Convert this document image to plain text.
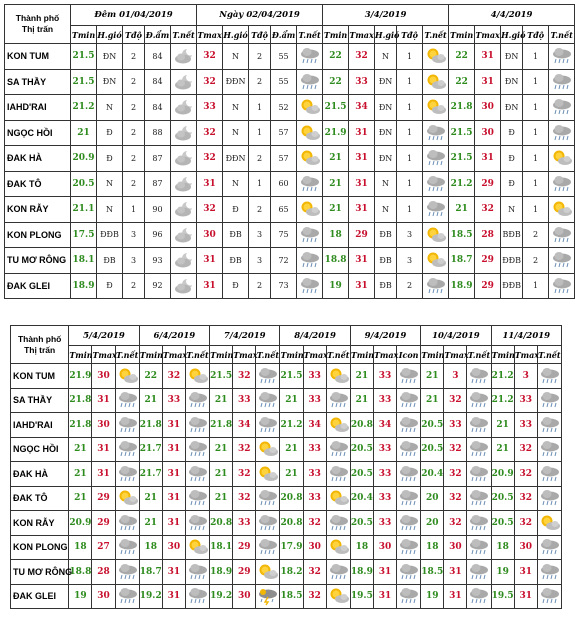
Thành phố
Thị trấn	Đêm 01/04/2019					Ngày 02/04/2019					3/4/2019					4/4/2019				
	Tmin	H.gió	Tđộ	Đ.ẩm	T.nết	Tmax	H.gió	Tđộ	Đ.ẩm	T.nết	Tmin	Tmax	H.gió	Tđộ	T.nết	Tmin	Tmax	H.gió	Tđộ	T.nết
KON TUM	21.5	ĐN	2	84		32	N	2	55		22	32	N	1		22	31	ĐN	1	

SA THẦY	21.5	ĐN	2	84		32	ĐĐN	2	55		22	33	ĐN	1		22	31	ĐN	1	

IAHD'RAI	21.2	N	2	84		33	N	1	52		21.5	34	ĐN	1		21.8	30	ĐN	1	

NGỌC HỒI	21	Đ	2	88		32	N	1	57		21.9	31	ĐN	1		21.5	30	Đ	1	

ĐAK HÀ	20.9	Đ	2	87		32	ĐĐN	2	57		21	31	ĐN	1		21.5	31	Đ	1	

ĐAK TÔ	20.5	N	2	87		31	N	1	60		21	31	N	1		21.2	29	Đ	1	

KON RẪY	21.1	N	1	90		32	Đ	2	65		21	31	N	1		21	32	N	1	

KON PLONG	17.5	ĐĐB	3	96		30	ĐB	3	75		18	29	ĐB	3		18.5	28	BĐB	2	

TU MƠ RÔNG	18.1	ĐB	3	93		31	ĐB	3	72		18.8	31	ĐB	3		18.7	29	ĐĐB	2	

ĐAK GLEI	18.9	Đ	2	92		31	Đ	2	73		19	31	ĐB	2		18.9	29	ĐĐB	1	
Thành phố
Thị trấn	5/4/2019			6/4/2019			7/4/2019			8/4/2019			9/4/2019			10/4/2019			11/4/2019		
	Tmin	Tmax	T.nết	Tmin	Tmax	T.nết	Tmin	Tmax	T.nết	Tmin	Tmax	T.nết	Tmin	Tmax	Icon	Tmin	Tmax	T.nết	Tmin	Tmax	T.nết
KON TUM	21.9	30		22	32		21.5	32		21.5	33		21	33		21	3		21.2	3	

SA THẦY	21.8	31		21	33		21	33		21	33		21	33		21	32		21.2	33	

IAHD'RAI	21.8	30		21.8	31		21.8	34		21.2	34		20.8	34		20.5	33		21	33	

NGỌC HỒI	21	31		21.7	31		21	32		21	33		20.5	33		20.5	32		21	32	

ĐAK HÀ	21	31		21.7	31		21	32		21	33		20.5	33		20.4	32		20.9	32	

ĐAK TÔ	21	29		21	31		21	32		20.8	33		20.4	33		20	32		20.5	32	

KON RẪY	20.9	29		21	31		20.8	33		20.8	32		20.5	33		20	32		20.5	32	

KON PLONG	18	27		18	30		18.1	29		17.9	30		18	30		18	30		18	30	

TU MƠ RÔNG	18.8	28		18.7	31		18.9	29		18.2	32		18.9	31		18.5	31		19	31	

ĐAK GLEI	19	30		19.2	31		19.2	30		18.5	32		19.5	31		19	31		19.5	31	
